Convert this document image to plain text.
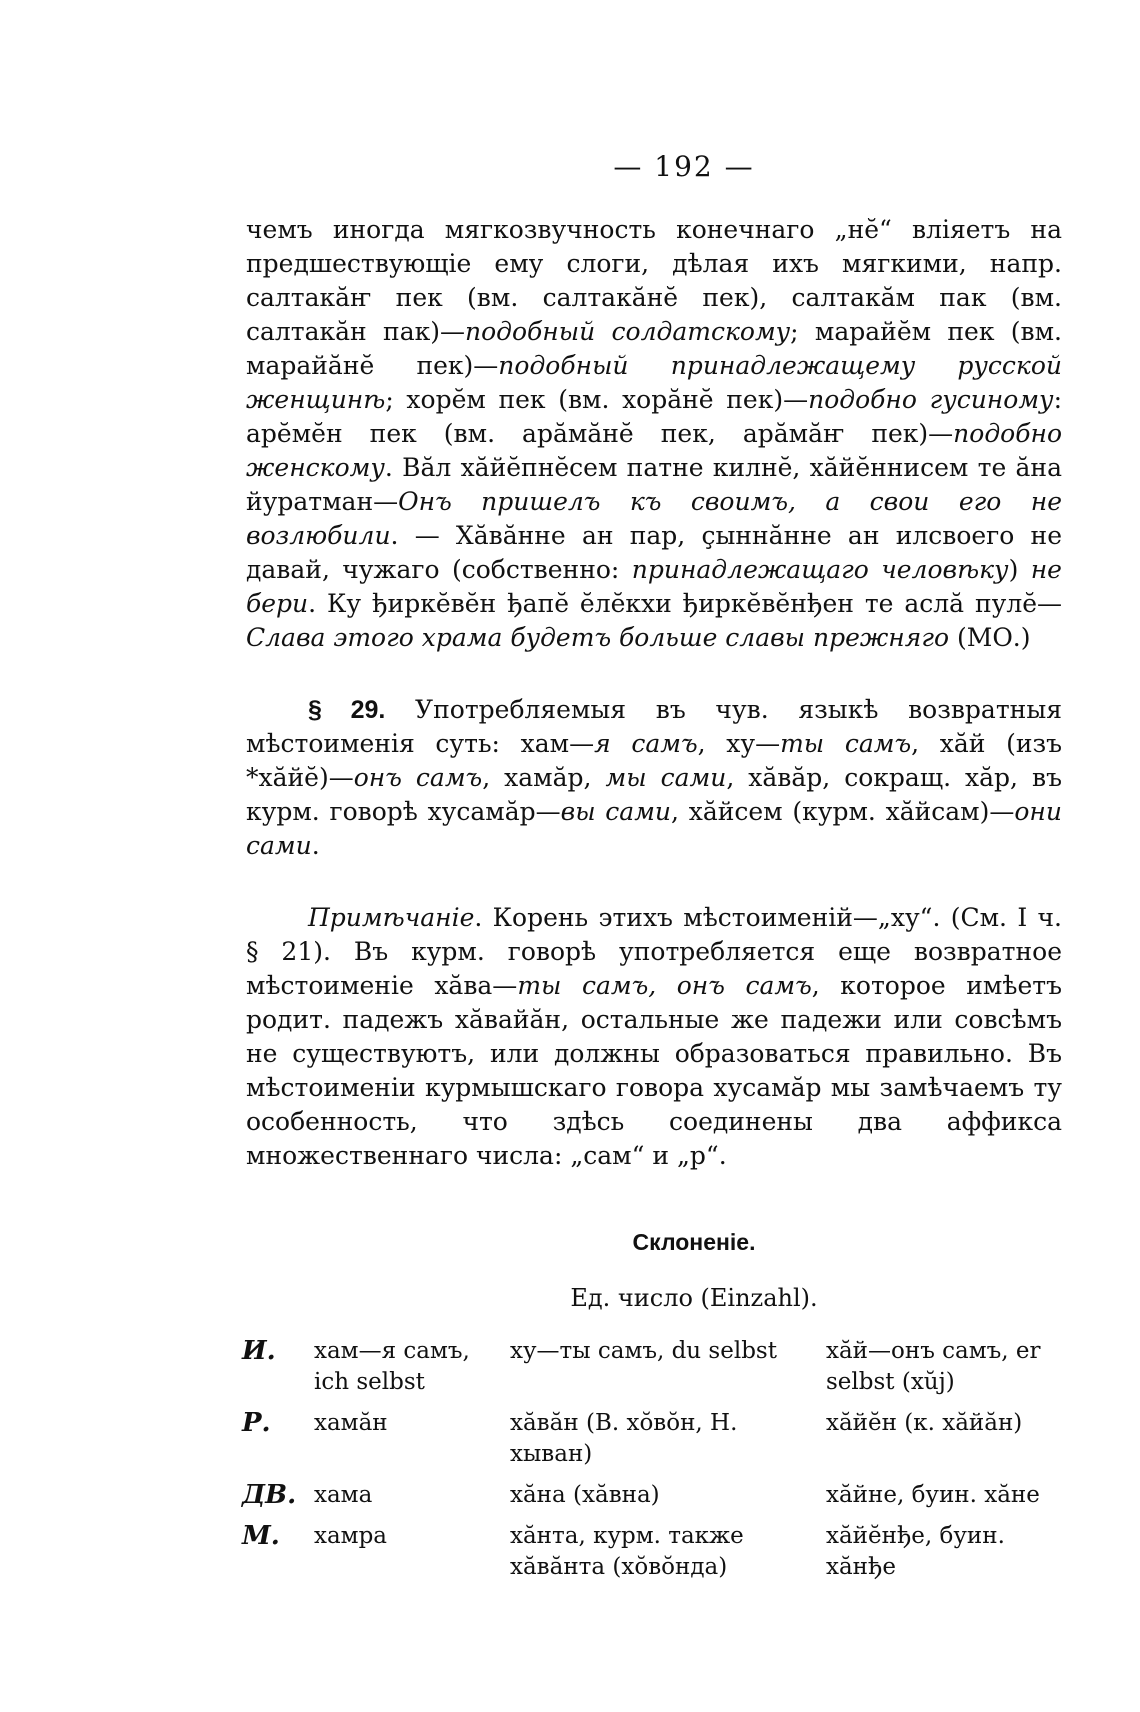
— 192 —

чемъ иногда мягкозвучность конечнаго „нĕ“ вліяетъ на предшествующіе ему слоги, дѣлая ихъ мягкими, напр. салтакăҥ пек (вм. салтакăнĕ пек), салтакăм пак (вм. салтакăн пак)—подобный солдатскому; марайĕм пек (вм. марайăнĕ пек)—подобный принадлежащему русской женщинѣ; хорĕм пек (вм. хорăнĕ пек)—подобно гусиному: арĕмĕн пек (вм. арăмăнĕ пек, арăмăҥ пек)—подобно женскому. Вăл хăйĕпнĕсем патне килнĕ, хăйĕннисем те ăна йуратман—Онъ пришелъ къ своимъ, а свои его не возлюбили. — Хăвăнне ан пар, ҫыннăнне ан илсвоего не давай, чужаго (собственно: принадлежащаго человѣку) не бери. Ку ђиркĕвĕн ђапĕ ĕлĕкхи ђиркĕвĕнђен те аслă пулĕ—Слава этого храма будетъ больше славы прежняго (МО.)

§ 29. Употребляемыя въ чув. языкѣ возвратныя мѣстоименія суть: хам—я самъ, ху—ты самъ, хăй (изъ *хăйĕ)—онъ самъ, хамăр, мы сами, хăвăр, сокращ. хăр, въ курм. говорѣ хусамăр—вы сами, хăйсем (курм. хăйсам)—они сами.

Примѣчаніе. Корень этихъ мѣстоименій—„ху“. (См. I ч. § 21). Въ курм. говорѣ употребляется еще возвратное мѣстоименіе хăва—ты самъ, онъ самъ, которое имѣетъ родит. падежъ хăвайăн, остальные же падежи или совсѣмъ не существуютъ, или должны образоваться правильно. Въ мѣстоименіи курмышскаго говора хусамăр мы замѣчаемъ ту особенность, что здѣсь соединены два аффикса множественнаго числа: „сам“ и „р“.

Склоненіе.
Ед. число (Einzahl).
И.	хам—я самъ, ich selbst	ху—ты самъ, du selbst	хăй—онъ самъ, er selbst (хŭj)
Р.	хамăн	хăвăн (В. хŏвŏн, Н. хыван)	хăйĕн (к. хăйăн)
ДВ.	хама	хăна (хăвна)	хăйне, буин. хăне
М.	хамра	хăнта, курм. также хăвăнта (хŏвŏнда)	хăйĕнђе, буин. хăнђе
